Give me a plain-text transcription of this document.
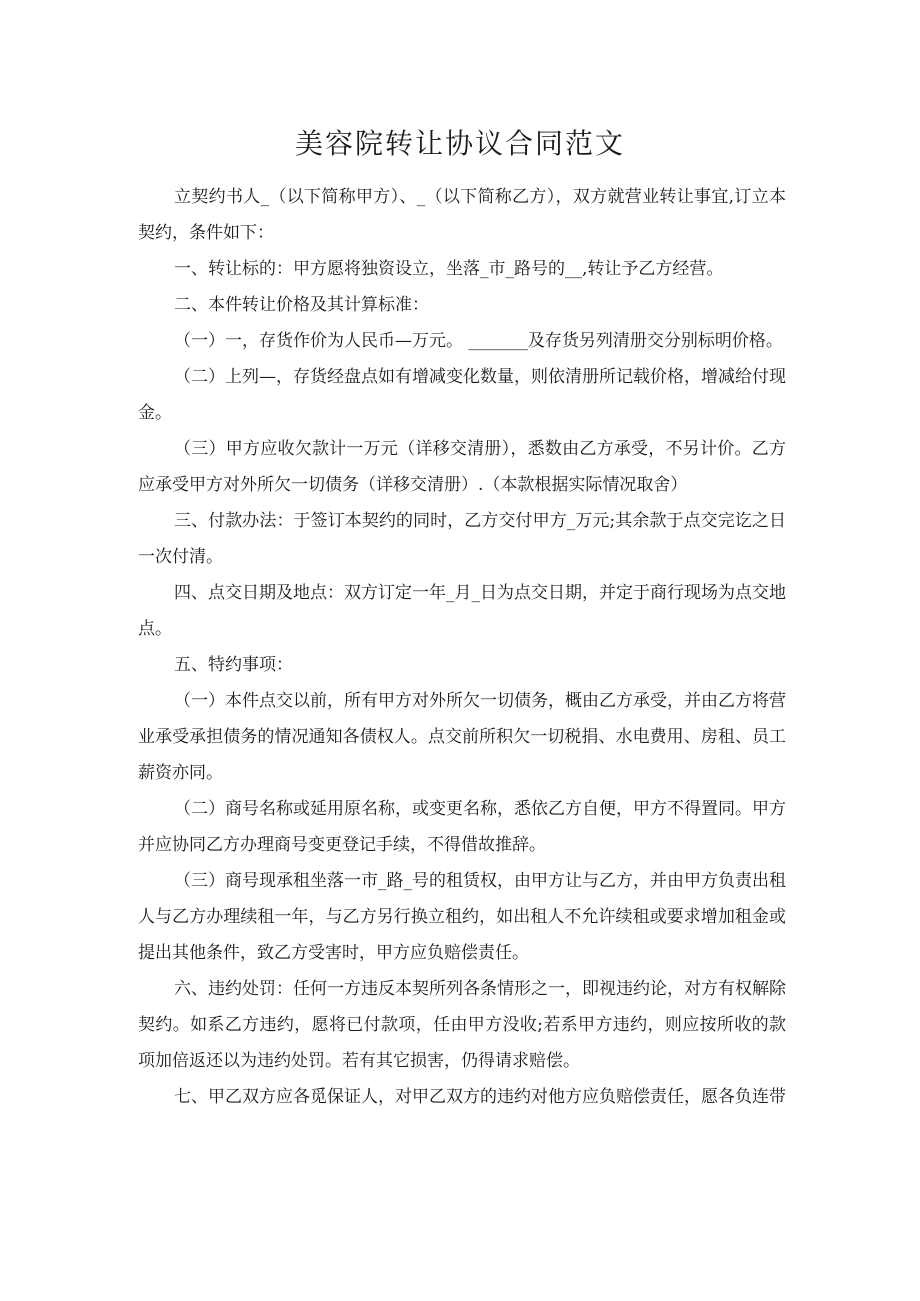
美容院转让协议合同范文

立契约书人_（以下简称甲方）、_（以下简称乙方），双方就营业转让事宜,订立本契约，条件如下：

一、转让标的：甲方愿将独资设立，坐落_市_路号的__,转让予乙方经营。

二、本件转让价格及其计算标准：

（一）一，存货作价为人民币—万元。 _______及存货另列清册交分别标明价格。

（二）上列—，存货经盘点如有增减变化数量，则依清册所记载价格，增减给付现金。

（三）甲方应收欠款计一万元（详移交清册），悉数由乙方承受，不另计价。乙方应承受甲方对外所欠一切债务（详移交清册）.（本款根据实际情况取舍）

三、付款办法：于签订本契约的同时，乙方交付甲方_万元;其余款于点交完讫之日一次付清。

四、点交日期及地点：双方订定一年_月_日为点交日期，并定于商行现场为点交地点。

五、特约事项：

（一）本件点交以前，所有甲方对外所欠一切债务，概由乙方承受，并由乙方将营业承受承担债务的情况通知各债权人。点交前所积欠一切税捐、水电费用、房租、员工薪资亦同。

（二）商号名称或延用原名称，或变更名称，悉依乙方自便，甲方不得置同。甲方并应协同乙方办理商号变更登记手续，不得借故推辞。

（三）商号现承租坐落一市_路_号的租赁权，由甲方让与乙方，并由甲方负责出租人与乙方办理续租一年，与乙方另行换立租约，如出租人不允许续租或要求增加租金或提出其他条件，致乙方受害时，甲方应负赔偿责任。

六、违约处罚：任何一方违反本契所列各条情形之一，即视违约论，对方有权解除契约。如系乙方违约，愿将已付款项，任由甲方没收;若系甲方违约，则应按所收的款项加倍返还以为违约处罚。若有其它损害，仍得请求赔偿。

七、甲乙双方应各觅保证人，对甲乙双方的违约对他方应负赔偿责任，愿各负连带
